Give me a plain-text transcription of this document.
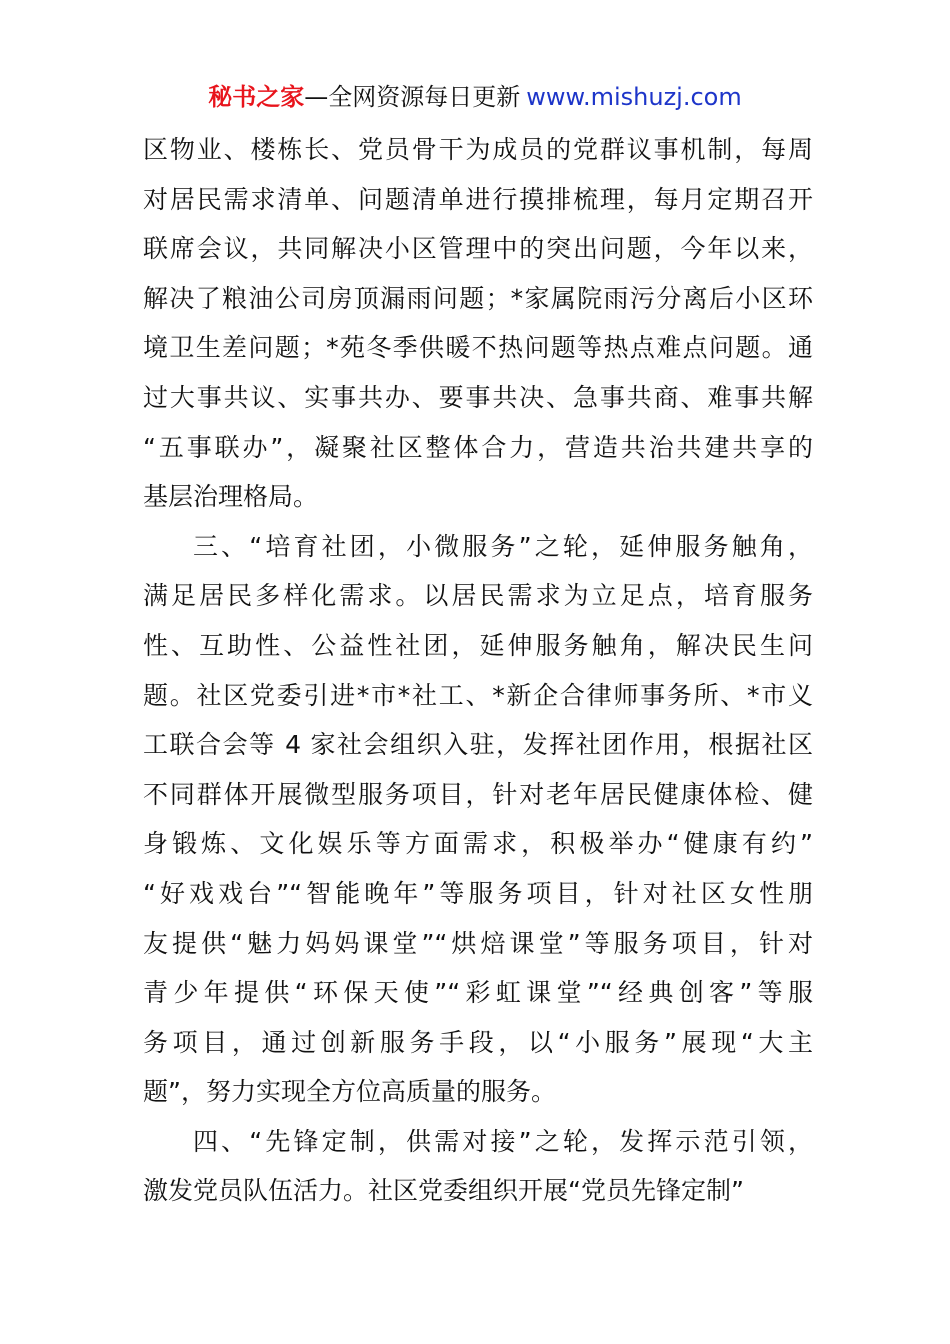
秘书之家—全网资源每日更新 www.mishuzj.com
区物业、楼栋长、党员骨干为成员的党群议事机制，每周
对居民需求清单、问题清单进行摸排梳理，每月定期召开
联席会议，共同解决小区管理中的突出问题，今年以来，
解决了粮油公司房顶漏雨问题；*家属院雨污分离后小区环
境卫生差问题；*苑冬季供暖不热问题等热点难点问题。通
过大事共议、实事共办、要事共决、急事共商、难事共解
“五事联办”，凝聚社区整体合力，营造共治共建共享的
基层治理格局。
三、“培育社团，小微服务”之轮，延伸服务触角，
满足居民多样化需求。以居民需求为立足点，培育服务
性、互助性、公益性社团，延伸服务触角，解决民生问
题。社区党委引进*市*社工、*新企合律师事务所、*市义
工联合会等 4 家社会组织入驻，发挥社团作用，根据社区
不同群体开展微型服务项目，针对老年居民健康体检、健
身锻炼、文化娱乐等方面需求，积极举办“健康有约”
“好戏戏台”“智能晚年”等服务项目，针对社区女性朋
友提供“魅力妈妈课堂”“烘焙课堂”等服务项目，针对
青少年提供“环保天使”“彩虹课堂”“经典创客”等服
务项目，通过创新服务手段，以“小服务”展现“大主
题”，努力实现全方位高质量的服务。
四、“先锋定制，供需对接”之轮，发挥示范引领，
激发党员队伍活力。社区党委组织开展“党员先锋定制”
